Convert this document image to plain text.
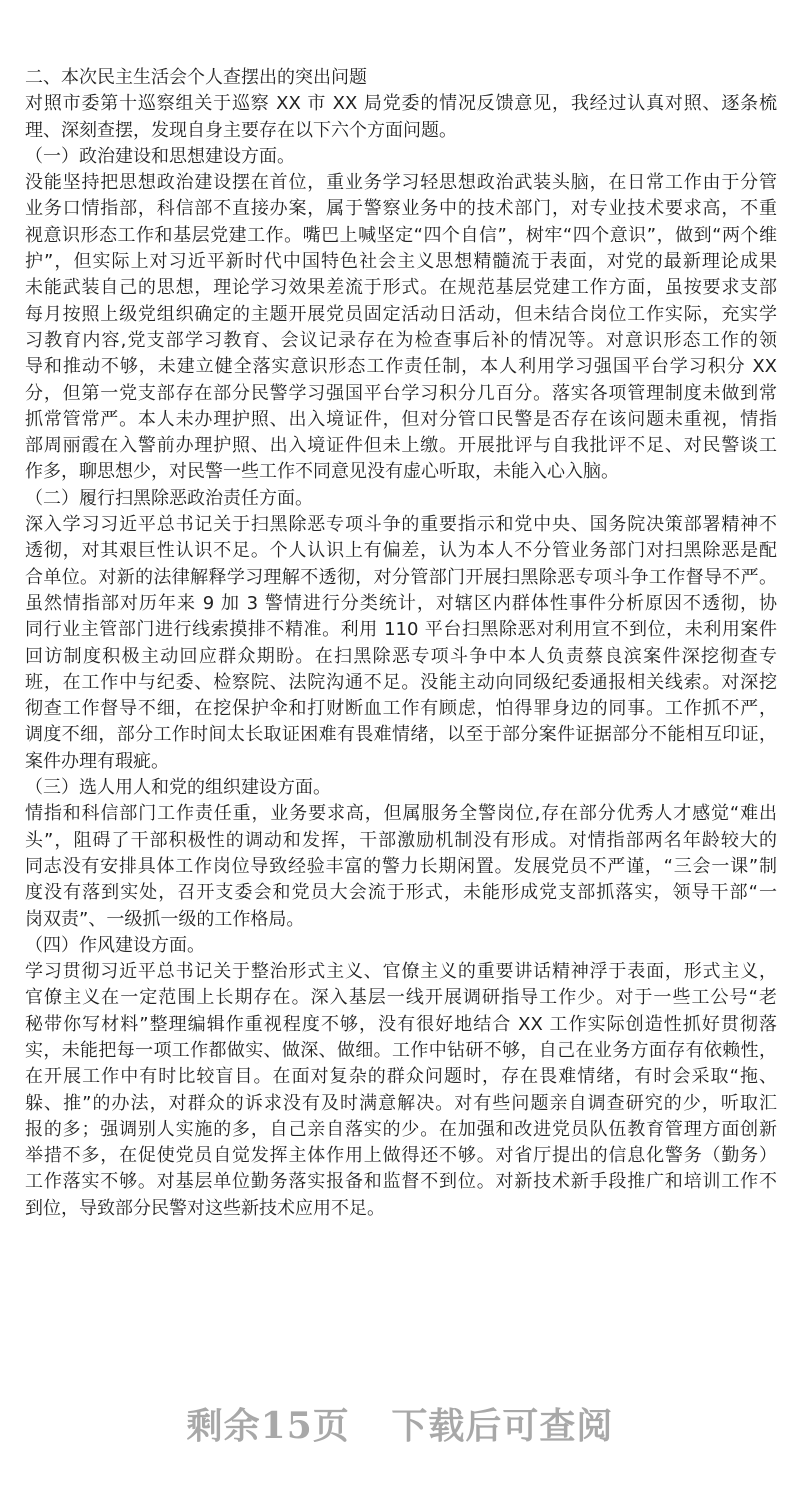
二、本次民主生活会个人查摆出的突出问题
对照市委第十巡察组关于巡察 XX 市 XX 局党委的情况反馈意见，我经过认真对照、逐条梳
理、深刻查摆，发现自身主要存在以下六个方面问题。
（一）政治建设和思想建设方面。
没能坚持把思想政治建设摆在首位，重业务学习轻思想政治武装头脑，在日常工作由于分管
业务口情指部，科信部不直接办案，属于警察业务中的技术部门，对专业技术要求高，不重
视意识形态工作和基层党建工作。嘴巴上喊坚定“四个自信”，树牢“四个意识”，做到“两个维
护”，但实际上对习近平新时代中国特色社会主义思想精髓流于表面，对党的最新理论成果
未能武装自己的思想，理论学习效果差流于形式。在规范基层党建工作方面，虽按要求支部
每月按照上级党组织确定的主题开展党员固定活动日活动，但未结合岗位工作实际，充实学
习教育内容,党支部学习教育、会议记录存在为检查事后补的情况等。对意识形态工作的领
导和推动不够，未建立健全落实意识形态工作责任制，本人利用学习强国平台学习积分 XX
分，但第一党支部存在部分民警学习强国平台学习积分几百分。落实各项管理制度未做到常
抓常管常严。本人未办理护照、出入境证件，但对分管口民警是否存在该问题未重视，情指
部周丽霞在入警前办理护照、出入境证件但未上缴。开展批评与自我批评不足、对民警谈工
作多，聊思想少，对民警一些工作不同意见没有虚心听取，未能入心入脑。
（二）履行扫黑除恶政治责任方面。
深入学习习近平总书记关于扫黑除恶专项斗争的重要指示和党中央、国务院决策部署精神不
透彻，对其艰巨性认识不足。个人认识上有偏差，认为本人不分管业务部门对扫黑除恶是配
合单位。对新的法律解释学习理解不透彻，对分管部门开展扫黑除恶专项斗争工作督导不严。
虽然情指部对历年来 9 加 3 警情进行分类统计，对辖区内群体性事件分析原因不透彻，协
同行业主管部门进行线索摸排不精准。利用 110 平台扫黑除恶对利用宣不到位，未利用案件
回访制度积极主动回应群众期盼。在扫黑除恶专项斗争中本人负责蔡良滨案件深挖彻查专
班，在工作中与纪委、检察院、法院沟通不足。没能主动向同级纪委通报相关线索。对深挖
彻查工作督导不细，在挖保护伞和打财断血工作有顾虑，怕得罪身边的同事。工作抓不严，
调度不细，部分工作时间太长取证困难有畏难情绪，以至于部分案件证据部分不能相互印证，
案件办理有瑕疵。
（三）选人用人和党的组织建设方面。
情指和科信部门工作责任重，业务要求高，但属服务全警岗位,存在部分优秀人才感觉“难出
头”，阻碍了干部积极性的调动和发挥，干部激励机制没有形成。对情指部两名年龄较大的
同志没有安排具体工作岗位导致经验丰富的警力长期闲置。发展党员不严谨，“三会一课”制
度没有落到实处，召开支委会和党员大会流于形式，未能形成党支部抓落实，领导干部“一
岗双责”、一级抓一级的工作格局。
（四）作风建设方面。
学习贯彻习近平总书记关于整治形式主义、官僚主义的重要讲话精神浮于表面，形式主义，
官僚主义在一定范围上长期存在。深入基层一线开展调研指导工作少。对于一些工公号“老
秘带你写材料”整理编辑作重视程度不够，没有很好地结合 XX 工作实际创造性抓好贯彻落
实，未能把每一项工作都做实、做深、做细。工作中钻研不够，自己在业务方面存有依赖性，
在开展工作中有时比较盲目。在面对复杂的群众问题时，存在畏难情绪，有时会采取“拖、
躲、推”的办法，对群众的诉求没有及时满意解决。对有些问题亲自调查研究的少，听取汇
报的多；强调别人实施的多，自己亲自落实的少。在加强和改进党员队伍教育管理方面创新
举措不多，在促使党员自觉发挥主体作用上做得还不够。对省厅提出的信息化警务（勤务）
工作落实不够。对基层单位勤务落实报备和监督不到位。对新技术新手段推广和培训工作不
到位，导致部分民警对这些新技术应用不足。
剩余15页 下载后可查阅
